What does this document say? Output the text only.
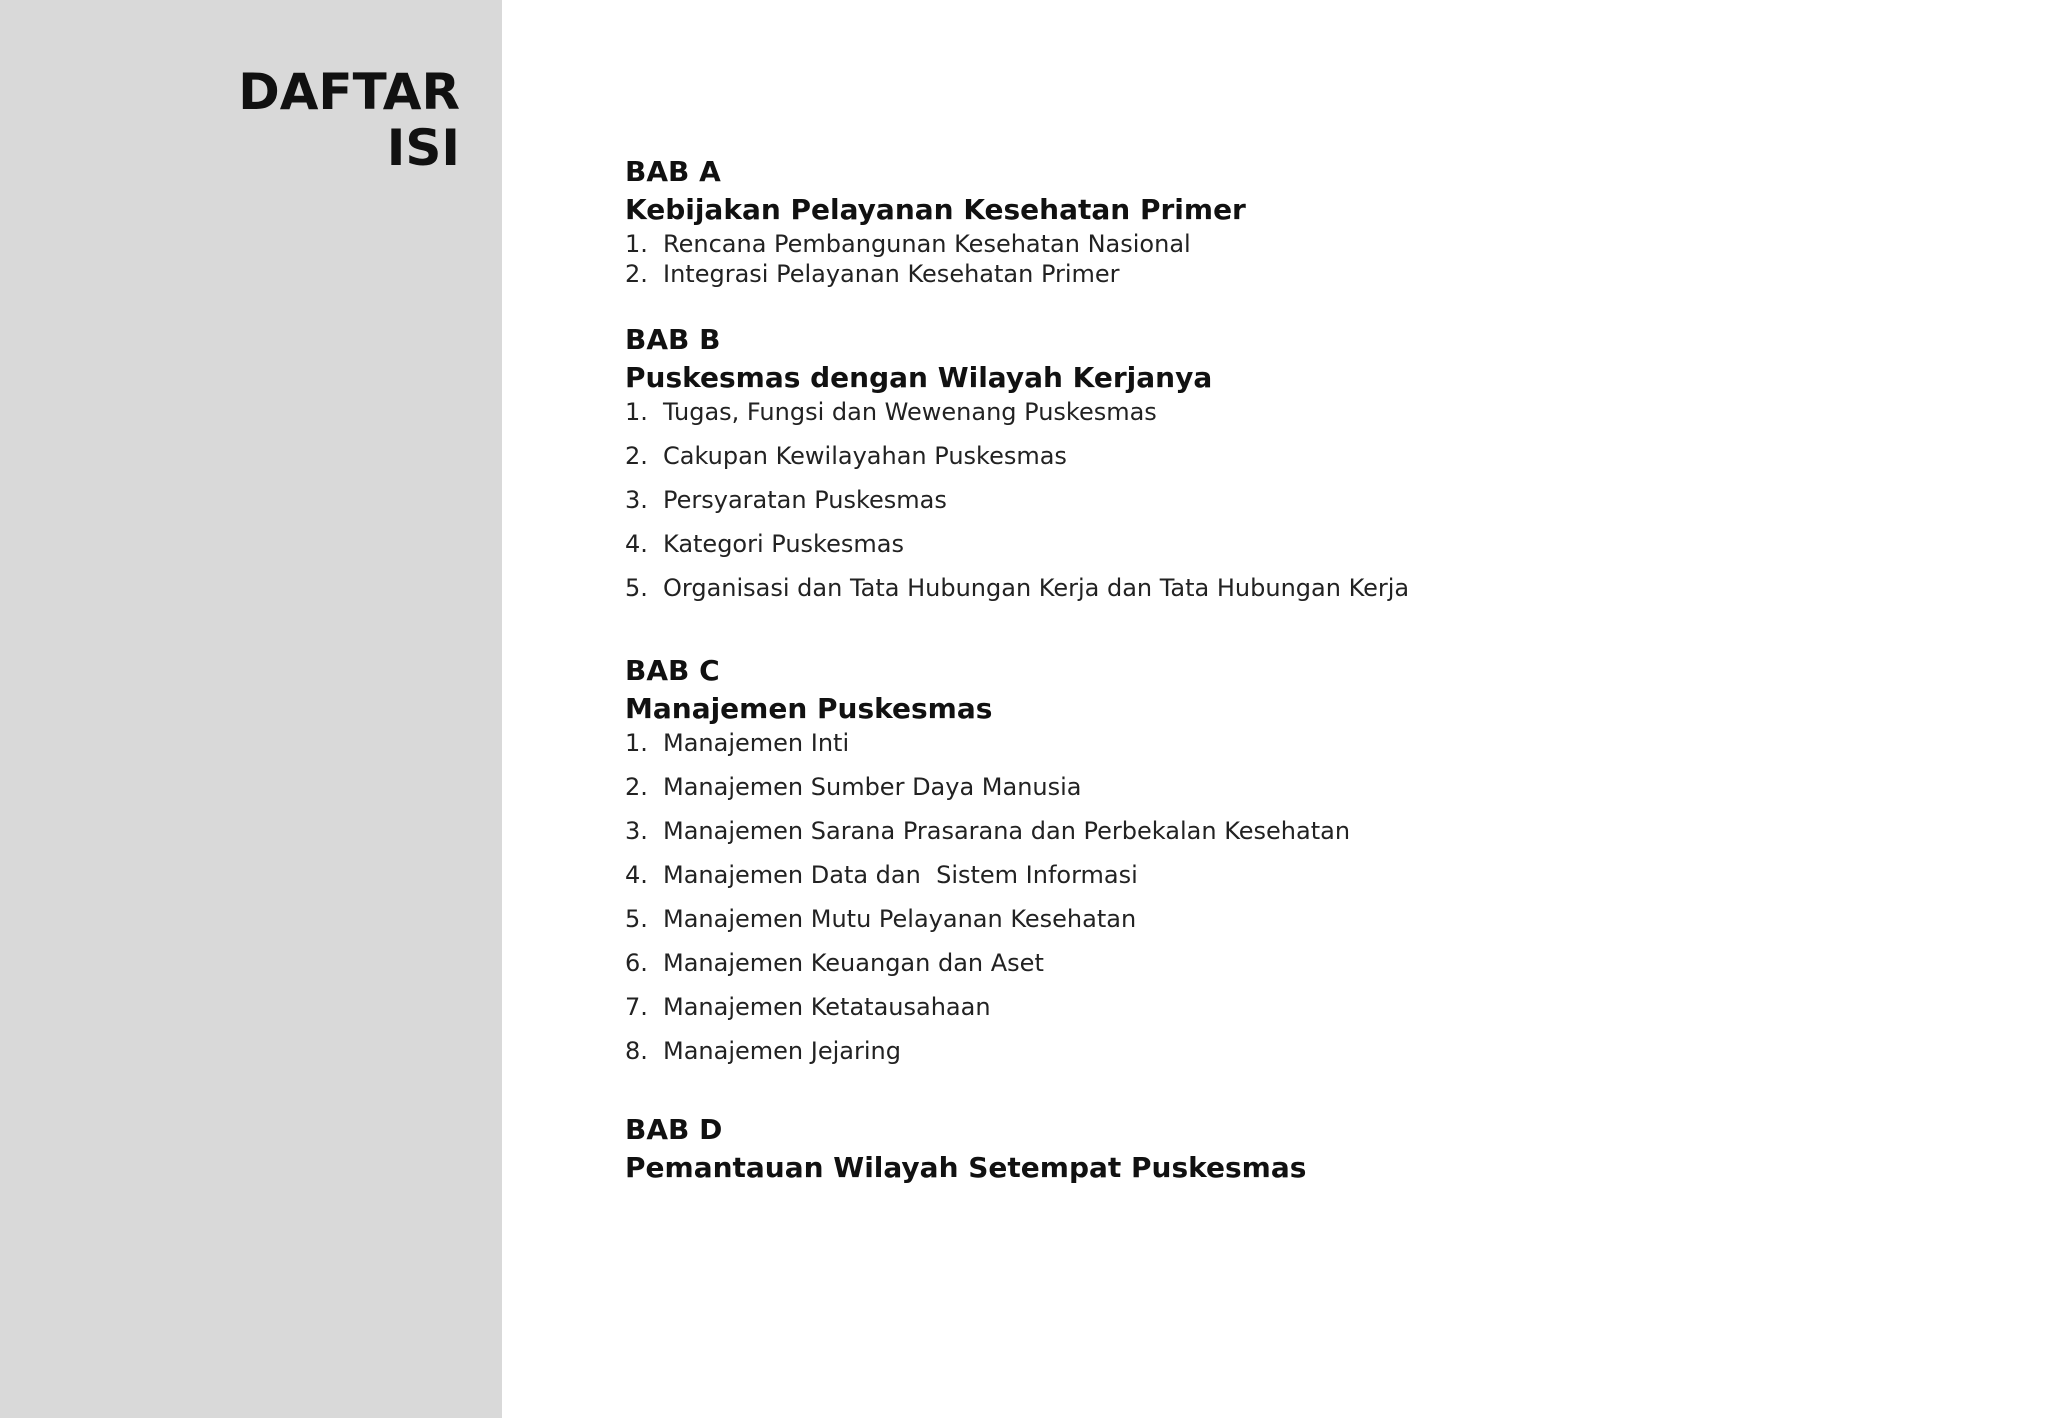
DAFTAR
ISI	BAB A
Kebijakan Pelayanan Kesehatan Primer
1. Rencana Pembangunan Kesehatan Nasional
2. Integrasi Pelayanan Kesehatan Primer
BAB B
Puskesmas dengan Wilayah Kerjanya
1. Tugas, Fungsi dan Wewenang Puskesmas
2. Cakupan Kewilayahan Puskesmas
3. Persyaratan Puskesmas
4. Kategori Puskesmas
5. Organisasi dan Tata Hubungan Kerja dan Tata Hubungan Kerja
BAB C
Manajemen Puskesmas
1. Manajemen Inti
2. Manajemen Sumber Daya Manusia
3. Manajemen Sarana Prasarana dan Perbekalan Kesehatan
4. Manajemen Data dan  Sistem Informasi
5. Manajemen Mutu Pelayanan Kesehatan
6. Manajemen Keuangan dan Aset
7. Manajemen Ketatausahaan
8. Manajemen Jejaring
BAB D
Pemantauan Wilayah Setempat Puskesmas
